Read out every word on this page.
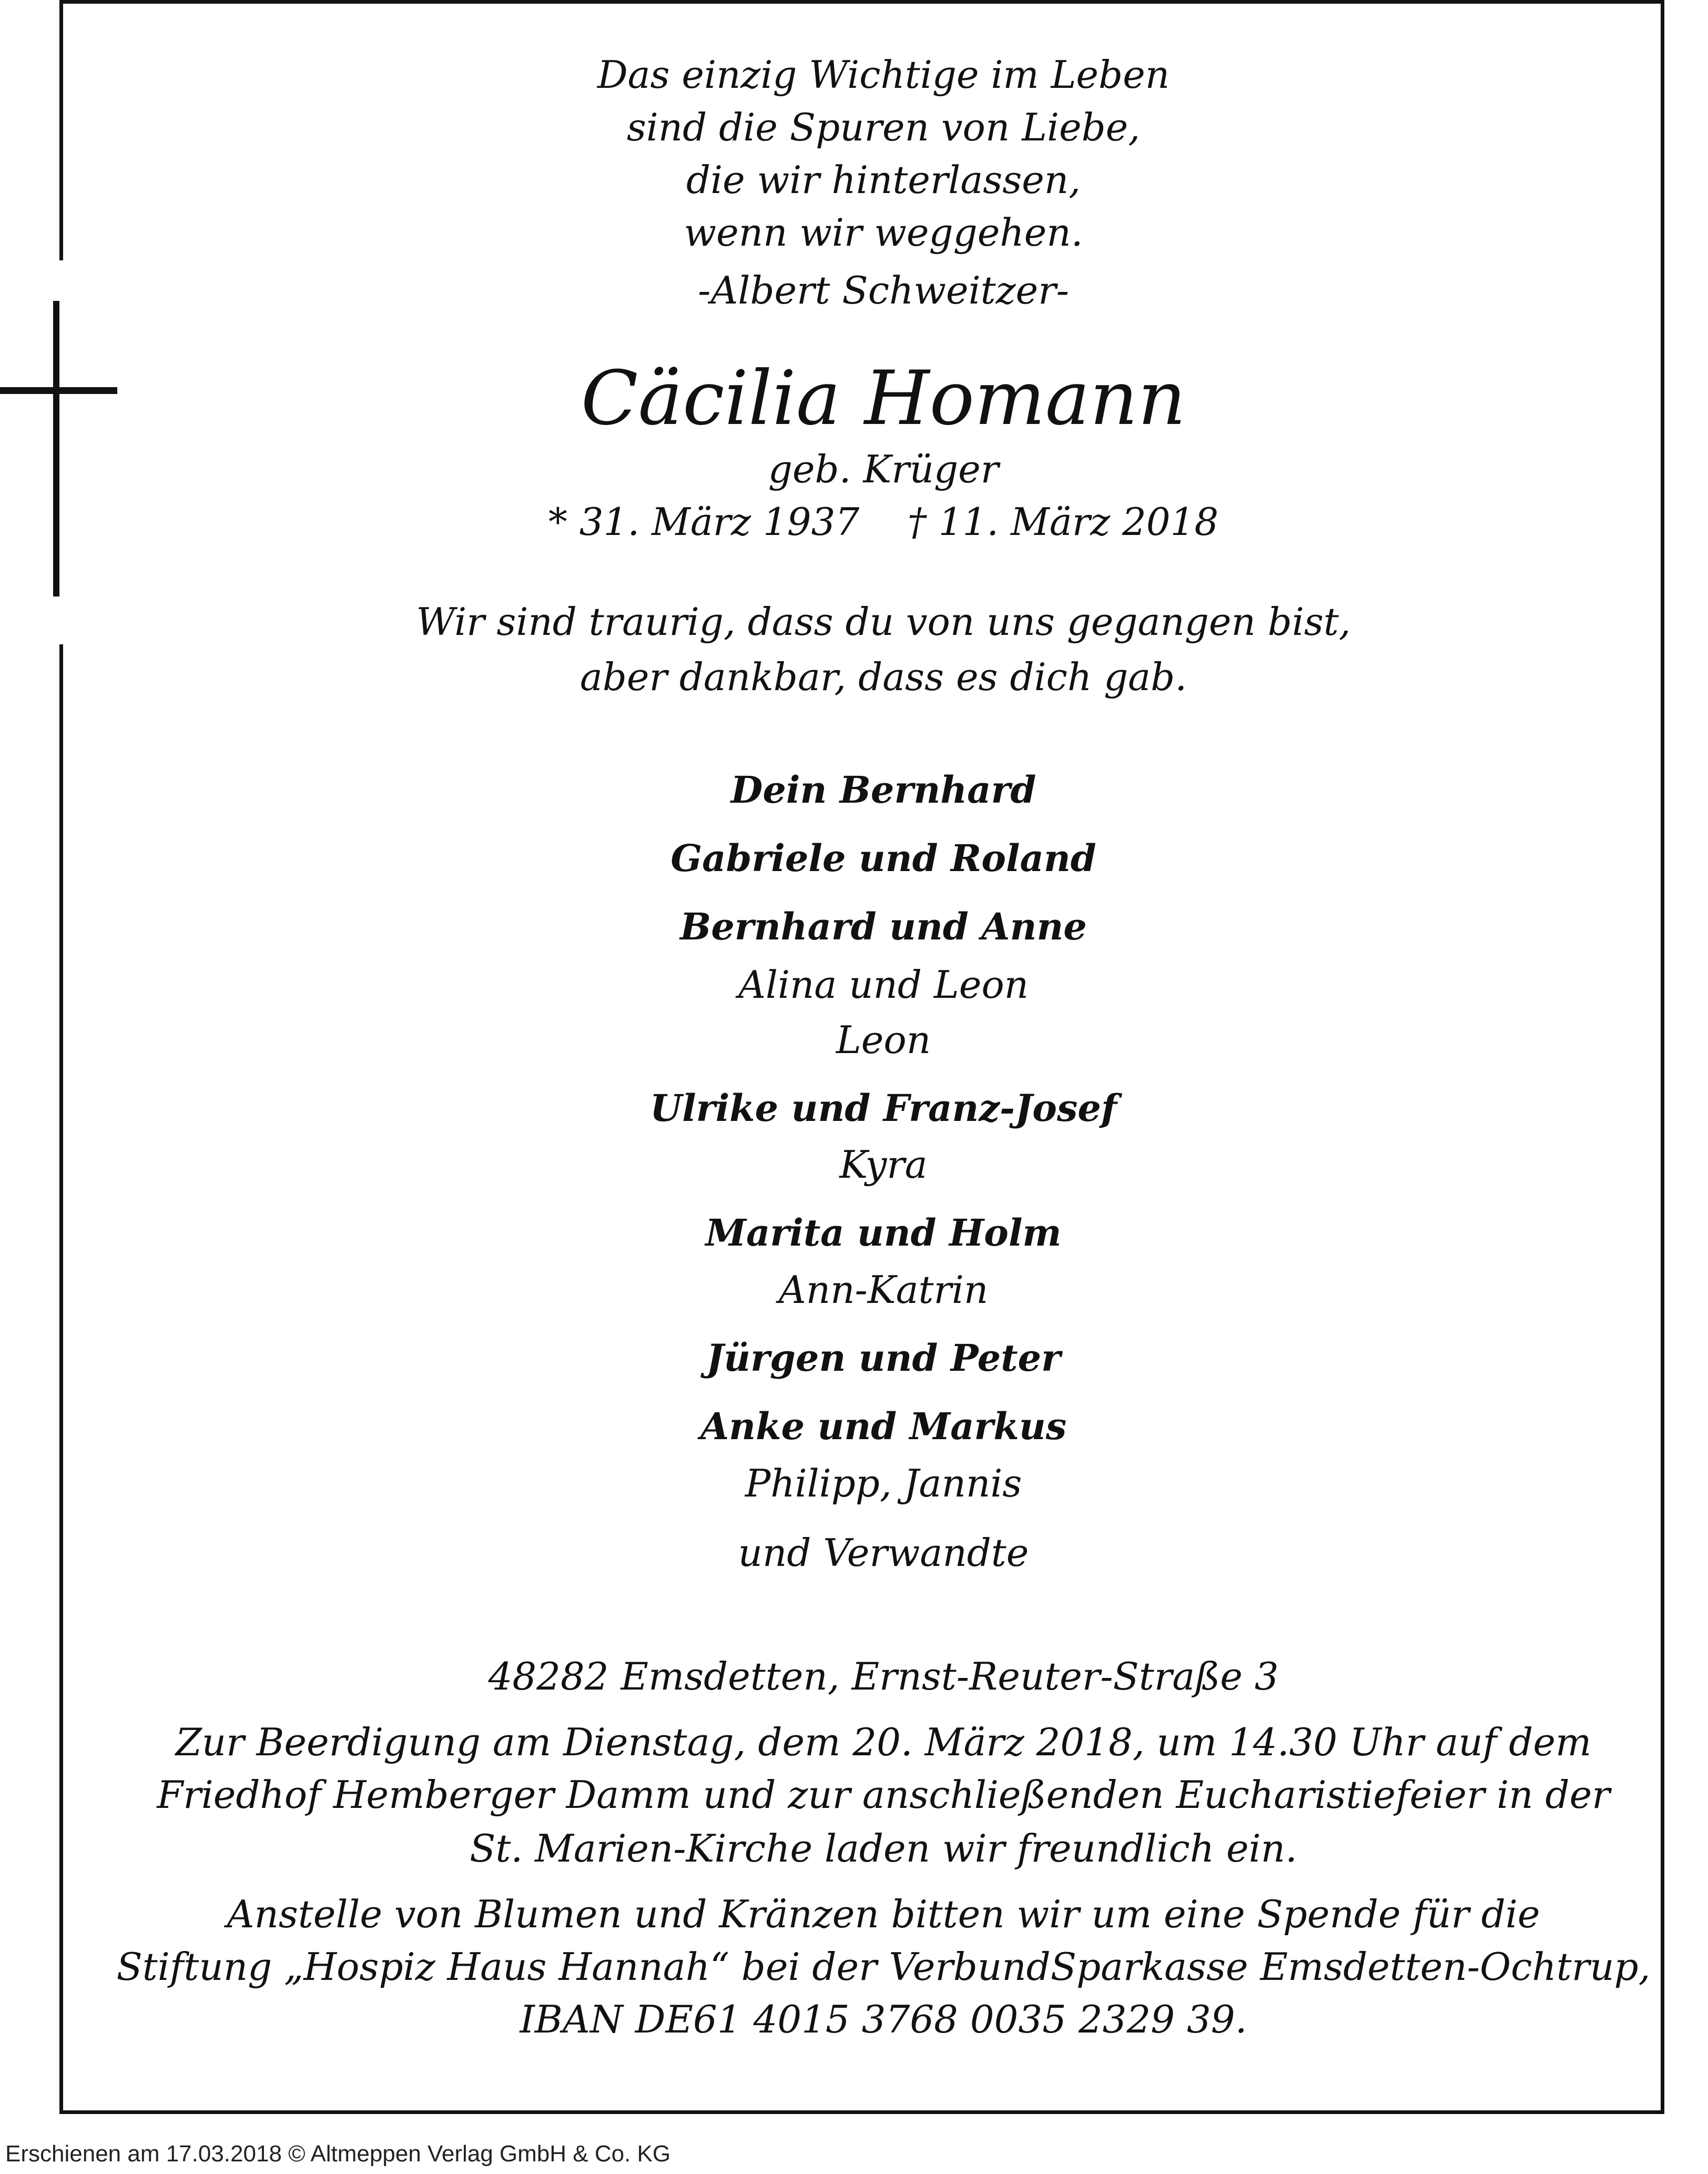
Das einzig Wichtige im Leben
sind die Spuren von Liebe,
die wir hinterlassen,
wenn wir weggehen.
-Albert Schweitzer-
Cäcilia Homann
geb. Krüger
* 31. März 1937    † 11. März 2018
Wir sind traurig, dass du von uns gegangen bist,
aber dankbar, dass es dich gab.
Dein Bernhard
Gabriele und Roland
Bernhard und Anne
Alina und Leon
Leon
Ulrike und Franz-Josef
Kyra
Marita und Holm
Ann-Katrin
Jürgen und Peter
Anke und Markus
Philipp, Jannis
und Verwandte
48282 Emsdetten, Ernst-Reuter-Straße 3
Zur Beerdigung am Dienstag, dem 20. März 2018, um 14.30 Uhr auf dem
Friedhof Hemberger Damm und zur anschließenden Eucharistiefeier in der
St. Marien-Kirche laden wir freundlich ein.
Anstelle von Blumen und Kränzen bitten wir um eine Spende für die
Stiftung „Hospiz Haus Hannah“ bei der VerbundSparkasse Emsdetten-Ochtrup,
IBAN DE61 4015 3768 0035 2329 39.
Erschienen am 17.03.2018 © Altmeppen Verlag GmbH & Co. KG
